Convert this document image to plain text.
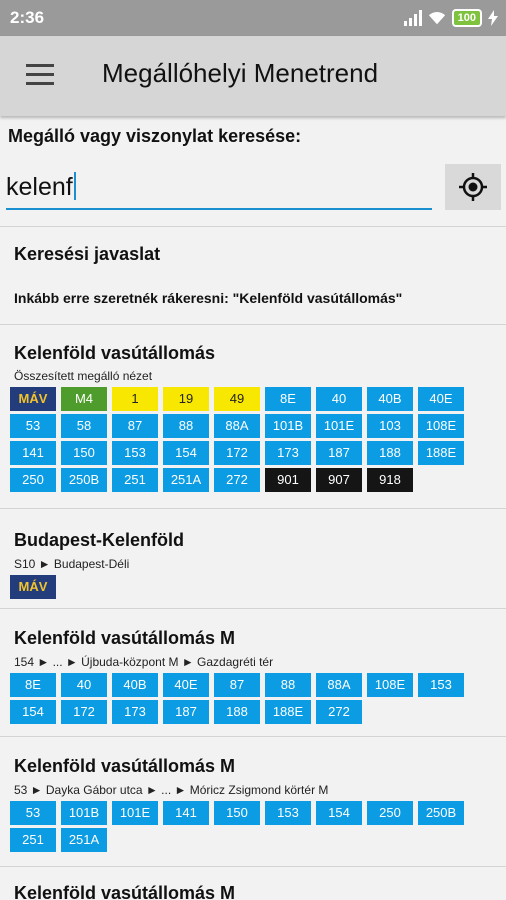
2:36	100
Megállóhelyi Menetrend
Megálló vagy viszonylat keresése:
kelenf
Keresési javaslat
Inkább erre szeretnék rákeresni: "Kelenföld vasútállomás"
Kelenföld vasútállomás
Összesített megálló nézet
MÁV	M4	1	19	49	8E	40	40B	40E
53	58	87	88	88A	101B	101E	103	108E
141	150	153	154	172	173	187	188	188E
250	250B	251	251A	272	901	907	918
Budapest-Kelenföld
S10 ► Budapest-Déli
MÁV
Kelenföld vasútállomás M
154 ► ... ► Újbuda-központ M ► Gazdagréti tér
8E	40	40B	40E	87	88	88A	108E	153
154	172	173	187	188	188E	272
Kelenföld vasútállomás M
53 ► Dayka Gábor utca ► ... ► Móricz Zsigmond körtér M
53	101B	101E	141	150	153	154	250	250B
251	251A
Kelenföld vasútállomás M
